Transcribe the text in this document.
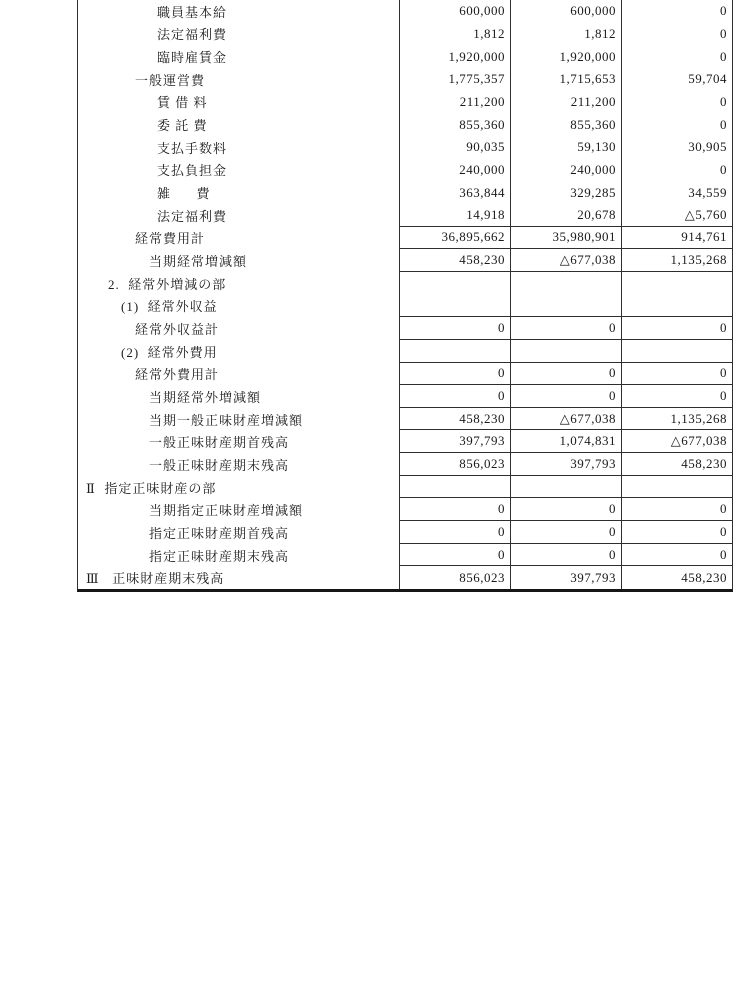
職員基本給	600,000	600,000	0
法定福利費	1,812	1,812	0
臨時雇賃金	1,920,000	1,920,000	0
一般運営費	1,775,357	1,715,653	59,704
賃 借 料	211,200	211,200	0
委 託 費	855,360	855,360	0
支払手数料	90,035	59,130	30,905
支払負担金	240,000	240,000	0
雑      費	363,844	329,285	34,559
法定福利費	14,918	20,678	△5,760
経常費用計	36,895,662	35,980,901	914,761
当期経常増減額	458,230	△677,038	1,135,268
2.  経常外増減の部
(1)  経常外収益
経常外収益計	0	0	0
(2)  経常外費用
経常外費用計	0	0	0
当期経常外増減額	0	0	0
当期一般正味財産増減額	458,230	△677,038	1,135,268
一般正味財産期首残高	397,793	1,074,831	△677,038
一般正味財産期末残高	856,023	397,793	458,230
Ⅱ  指定正味財産の部
当期指定正味財産増減額	0	0	0
指定正味財産期首残高	0	0	0
指定正味財産期末残高	0	0	0
Ⅲ   正味財産期末残高	856,023	397,793	458,230
